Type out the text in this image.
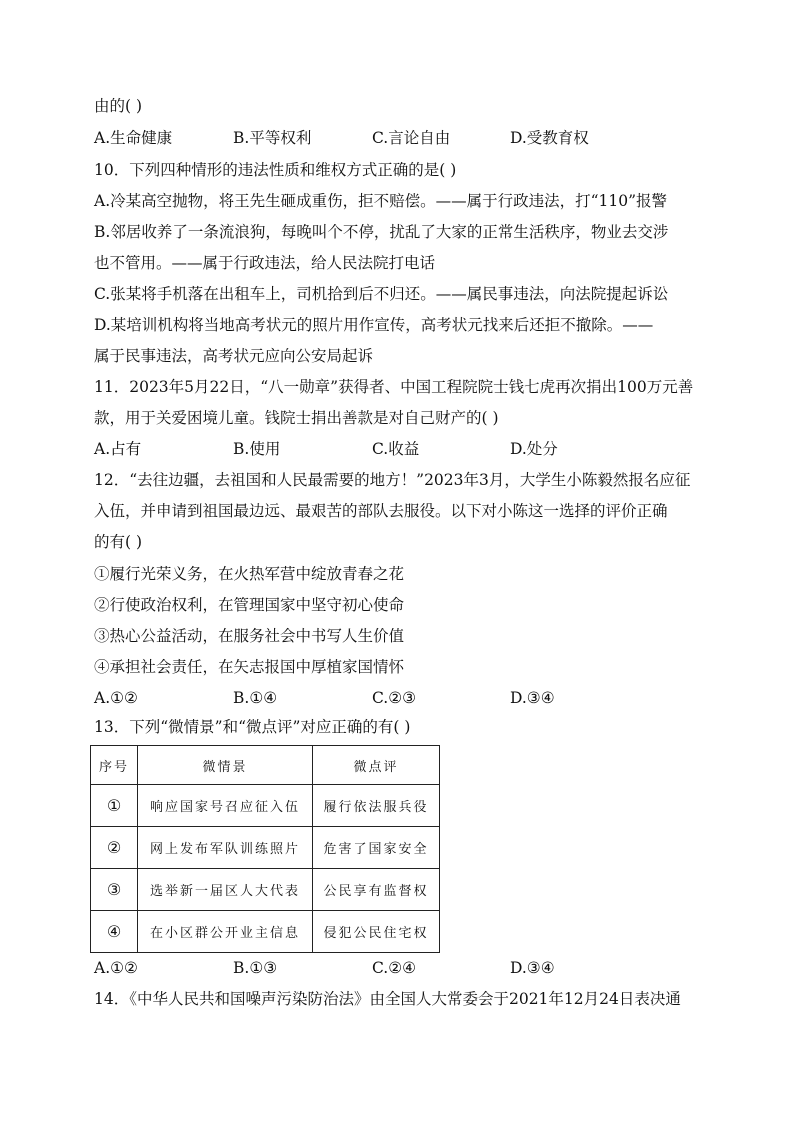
由的( )
A.生命健康	B.平等权利	C.言论自由	D.受教育权
10．下列四种情形的违法性质和维权方式正确的是( )
A.冷某高空抛物，将王先生砸成重伤，拒不赔偿。——属于行政违法，打“110”报警
B.邻居收养了一条流浪狗，每晚叫个不停，扰乱了大家的正常生活秩序，物业去交涉
也不管用。——属于行政违法，给人民法院打电话
C.张某将手机落在出租车上，司机拾到后不归还。——属民事违法，向法院提起诉讼
D.某培训机构将当地高考状元的照片用作宣传，高考状元找来后还拒不撤除。——
属于民事违法，高考状元应向公安局起诉
11．2023年5月22日，“八一勋章”获得者、中国工程院院士钱七虎再次捐出100万元善
款，用于关爱困境儿童。钱院士捐出善款是对自己财产的( )
A.占有	B.使用	C.收益	D.处分
12．“去往边疆，去祖国和人民最需要的地方！”2023年3月，大学生小陈毅然报名应征
入伍，并申请到祖国最边远、最艰苦的部队去服役。以下对小陈这一选择的评价正确
的有( )
①履行光荣义务，在火热军营中绽放青春之花
②行使政治权利，在管理国家中坚守初心使命
③热心公益活动，在服务社会中书写人生价值
④承担社会责任，在矢志报国中厚植家国情怀
A.①②	B.①④	C.②③	D.③④
13．下列“微情景”和“微点评”对应正确的有( )
序号	微情景	微点评
①	响应国家号召应征入伍	履行依法服兵役
②	网上发布军队训练照片	危害了国家安全
③	选举新一届区人大代表	公民享有监督权
④	在小区群公开业主信息	侵犯公民住宅权
A.①②	B.①③	C.②④	D.③④
14．《中华人民共和国噪声污染防治法》由全国人大常委会于2021年12月24日表决通
